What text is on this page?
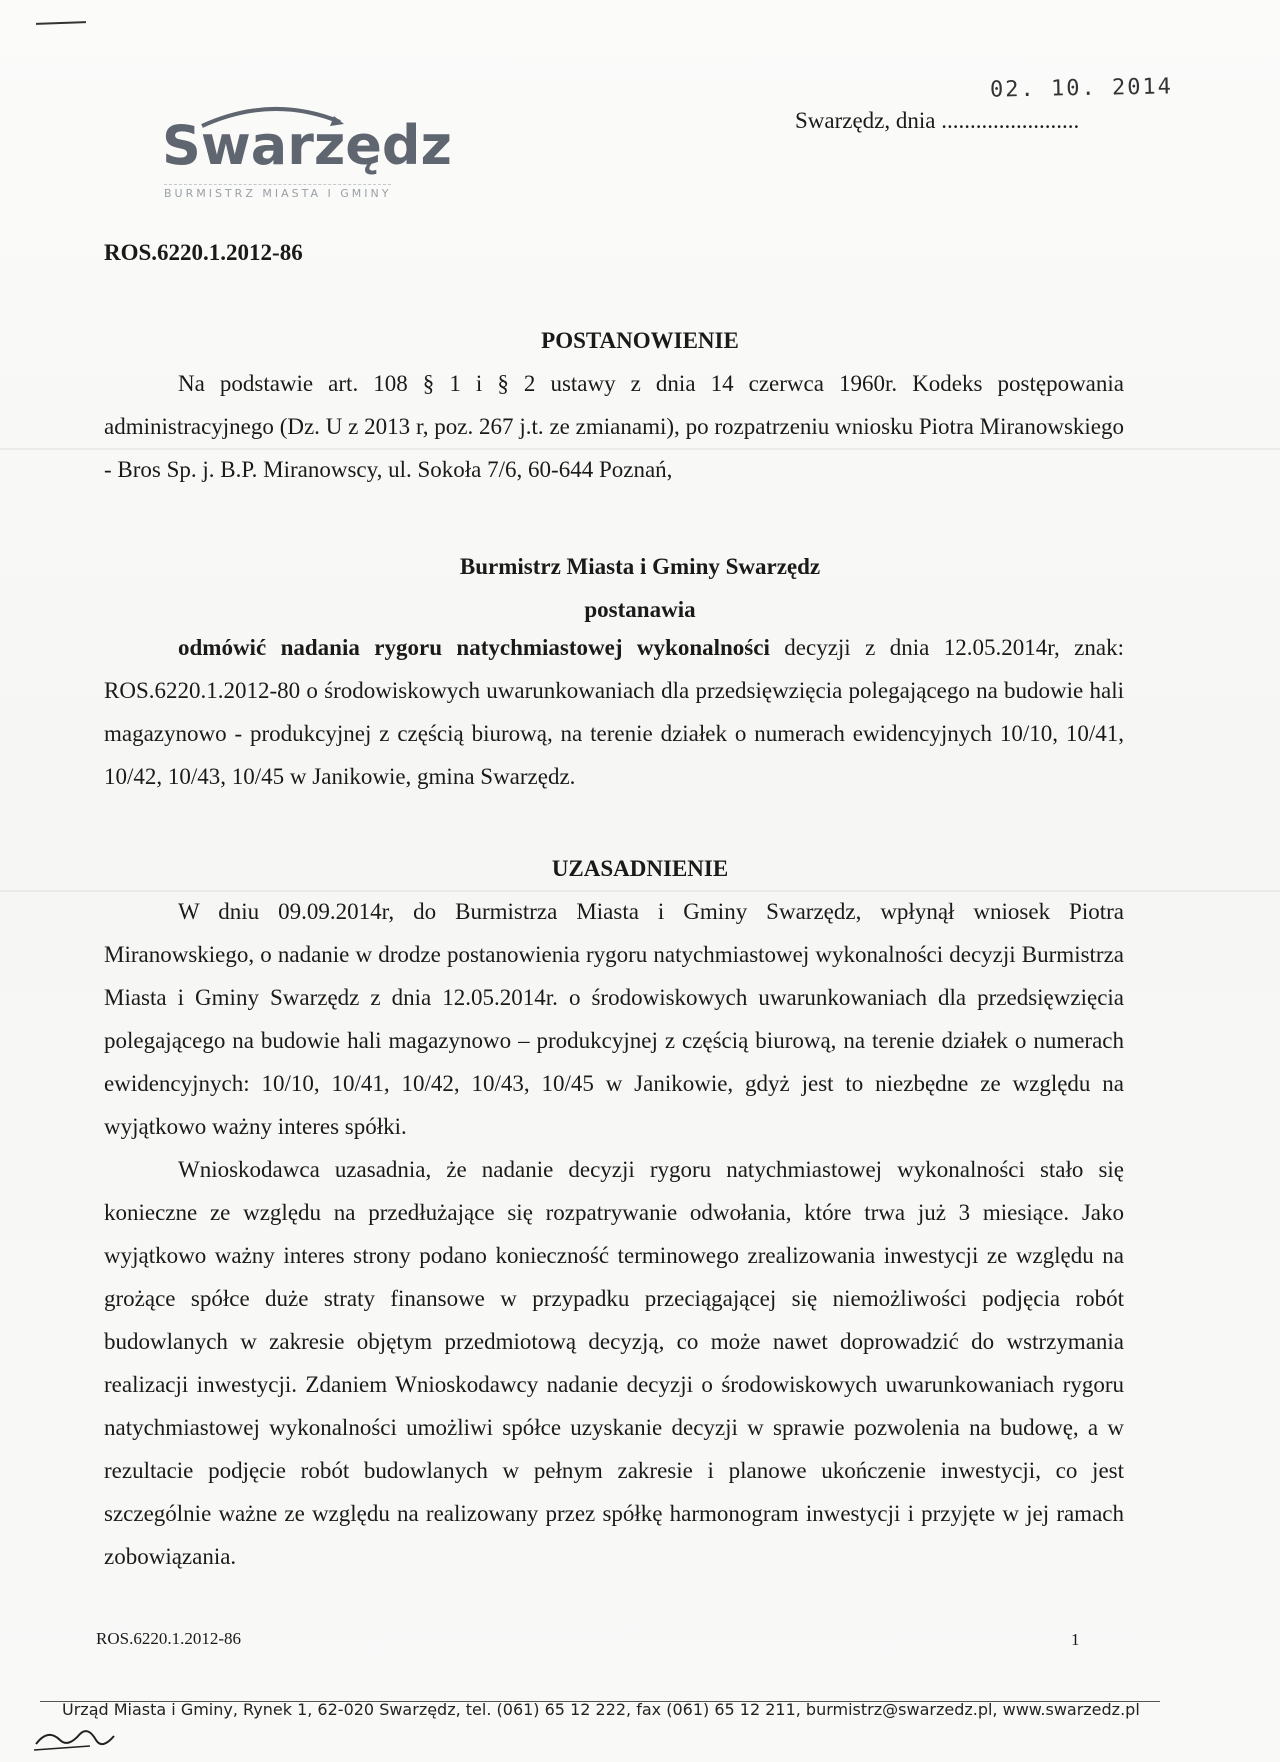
Swarzędz
BURMISTRZ MIASTA I GMINY
02. 10. 2014
Swarzędz, dnia ........................
ROS.6220.1.2012-86
POSTANOWIENIE

Na podstawie art. 108 § 1 i § 2 ustawy z dnia 14 czerwca 1960r. Kodeks postępowania administracyjnego (Dz. U z 2013 r, poz. 267 j.t. ze zmianami), po rozpatrzeniu wniosku Piotra Miranowskiego - Bros Sp. j. B.P. Miranowscy, ul. Sokoła 7/6, 60-644 Poznań,

Burmistrz Miasta i Gminy Swarzędz
postanawia

odmówić nadania rygoru natychmiastowej wykonalności decyzji z dnia 12.05.2014r, znak: ROS.6220.1.2012-80 o środowiskowych uwarunkowaniach dla przedsięwzięcia polegającego na budowie hali magazynowo - produkcyjnej z częścią biurową, na terenie działek o numerach ewidencyjnych 10/10, 10/41, 10/42, 10/43, 10/45 w Janikowie, gmina Swarzędz.

UZASADNIENIE

W dniu 09.09.2014r, do Burmistrza Miasta i Gminy Swarzędz, wpłynął wniosek Piotra Miranowskiego, o nadanie w drodze postanowienia rygoru natychmiastowej wykonalności decyzji Burmistrza Miasta i Gminy Swarzędz z dnia 12.05.2014r. o środowiskowych uwarunkowaniach dla przedsięwzięcia polegającego na budowie hali magazynowo – produkcyjnej z częścią biurową, na terenie działek o numerach ewidencyjnych: 10/10, 10/41, 10/42, 10/43, 10/45 w Janikowie, gdyż jest to niezbędne ze względu na wyjątkowo ważny interes spółki.

Wnioskodawca uzasadnia, że nadanie decyzji rygoru natychmiastowej wykonalności stało się konieczne ze względu na przedłużające się rozpatrywanie odwołania, które trwa już 3 miesiące. Jako wyjątkowo ważny interes strony podano konieczność terminowego zrealizowania inwestycji ze względu na grożące spółce duże straty finansowe w przypadku przeciągającej się niemożliwości podjęcia robót budowlanych w zakresie objętym przedmiotową decyzją, co może nawet doprowadzić do wstrzymania realizacji inwestycji. Zdaniem Wnioskodawcy nadanie decyzji o środowiskowych uwarunkowaniach rygoru natychmiastowej wykonalności umożliwi spółce uzyskanie decyzji w sprawie pozwolenia na budowę, a w rezultacie podjęcie robót budowlanych w pełnym zakresie i planowe ukończenie inwestycji, co jest szczególnie ważne ze względu na realizowany przez spółkę harmonogram inwestycji i przyjęte w jej ramach zobowiązania.

ROS.6220.1.2012-86	1
Urząd Miasta i Gminy, Rynek 1, 62-020 Swarzędz, tel. (061) 65 12 222, fax (061) 65 12 211, burmistrz@swarzedz.pl, www.swarzedz.pl
